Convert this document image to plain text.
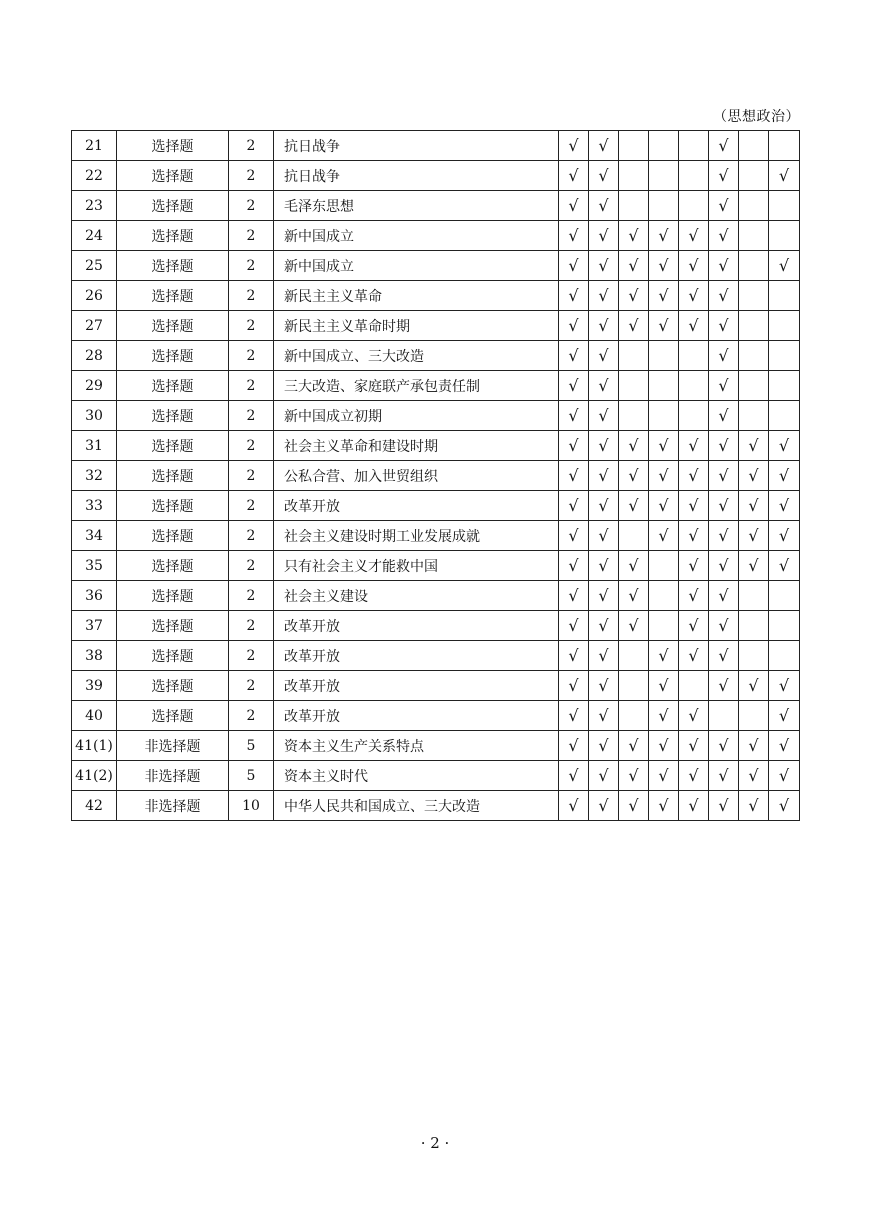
（思想政治）
21	选择题	2	抗日战争	√	√				√		
22	选择题	2	抗日战争	√	√				√		√
23	选择题	2	毛泽东思想	√	√				√		
24	选择题	2	新中国成立	√	√	√	√	√	√		
25	选择题	2	新中国成立	√	√	√	√	√	√		√
26	选择题	2	新民主主义革命	√	√	√	√	√	√		
27	选择题	2	新民主主义革命时期	√	√	√	√	√	√		
28	选择题	2	新中国成立、三大改造	√	√				√		
29	选择题	2	三大改造、家庭联产承包责任制	√	√				√		
30	选择题	2	新中国成立初期	√	√				√		
31	选择题	2	社会主义革命和建设时期	√	√	√	√	√	√	√	√
32	选择题	2	公私合营、加入世贸组织	√	√	√	√	√	√	√	√
33	选择题	2	改革开放	√	√	√	√	√	√	√	√
34	选择题	2	社会主义建设时期工业发展成就	√	√		√	√	√	√	√
35	选择题	2	只有社会主义才能救中国	√	√	√		√	√	√	√
36	选择题	2	社会主义建设	√	√	√		√	√		
37	选择题	2	改革开放	√	√	√		√	√		
38	选择题	2	改革开放	√	√		√	√	√		
39	选择题	2	改革开放	√	√		√		√	√	√
40	选择题	2	改革开放	√	√		√	√			√
41(1)	非选择题	5	资本主义生产关系特点	√	√	√	√	√	√	√	√
41(2)	非选择题	5	资本主义时代	√	√	√	√	√	√	√	√
42	非选择题	10	中华人民共和国成立、三大改造	√	√	√	√	√	√	√	√
· 2 ·
